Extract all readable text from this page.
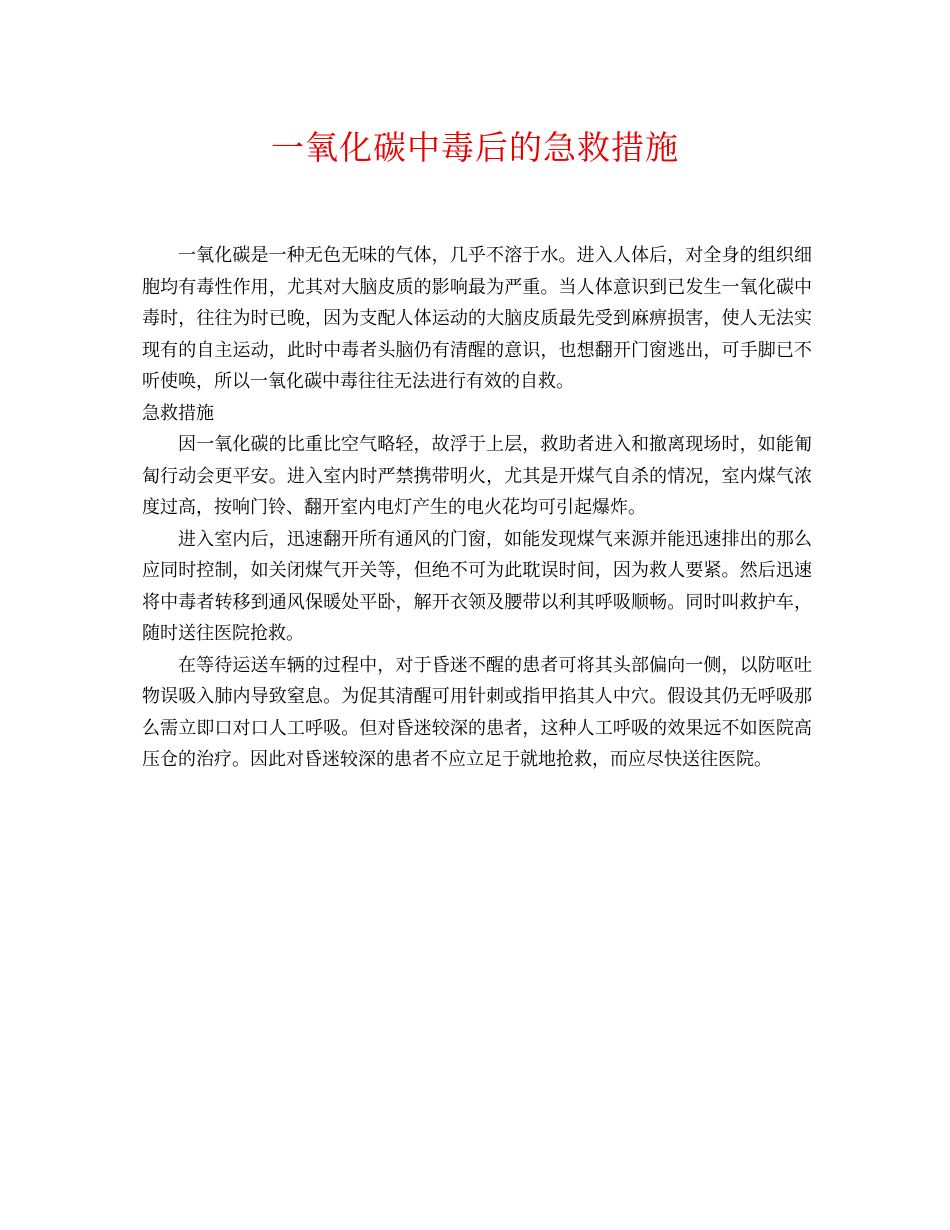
一氧化碳中毒后的急救措施

一氧化碳是一种无色无味的气体，几乎不溶于水。进入人体后，对全身的组织细胞均有毒性作用，尤其对大脑皮质的影响最为严重。当人体意识到已发生一氧化碳中毒时，往往为时已晚，因为支配人体运动的大脑皮质最先受到麻痹损害，使人无法实现有的自主运动，此时中毒者头脑仍有清醒的意识，也想翻开门窗逃出，可手脚已不听使唤，所以一氧化碳中毒往往无法进行有效的自救。

急救措施

因一氧化碳的比重比空气略轻，故浮于上层，救助者进入和撤离现场时，如能匍匐行动会更平安。进入室内时严禁携带明火，尤其是开煤气自杀的情况，室内煤气浓度过高，按响门铃、翻开室内电灯产生的电火花均可引起爆炸。

进入室内后，迅速翻开所有通风的门窗，如能发现煤气来源并能迅速排出的那么应同时控制，如关闭煤气开关等，但绝不可为此耽误时间，因为救人要紧。然后迅速将中毒者转移到通风保暖处平卧，解开衣领及腰带以利其呼吸顺畅。同时叫救护车，随时送往医院抢救。

在等待运送车辆的过程中，对于昏迷不醒的患者可将其头部偏向一侧，以防呕吐物误吸入肺内导致窒息。为促其清醒可用针刺或指甲掐其人中穴。假设其仍无呼吸那么需立即口对口人工呼吸。但对昏迷较深的患者，这种人工呼吸的效果远不如医院高压仓的治疗。因此对昏迷较深的患者不应立足于就地抢救，而应尽快送往医院。
